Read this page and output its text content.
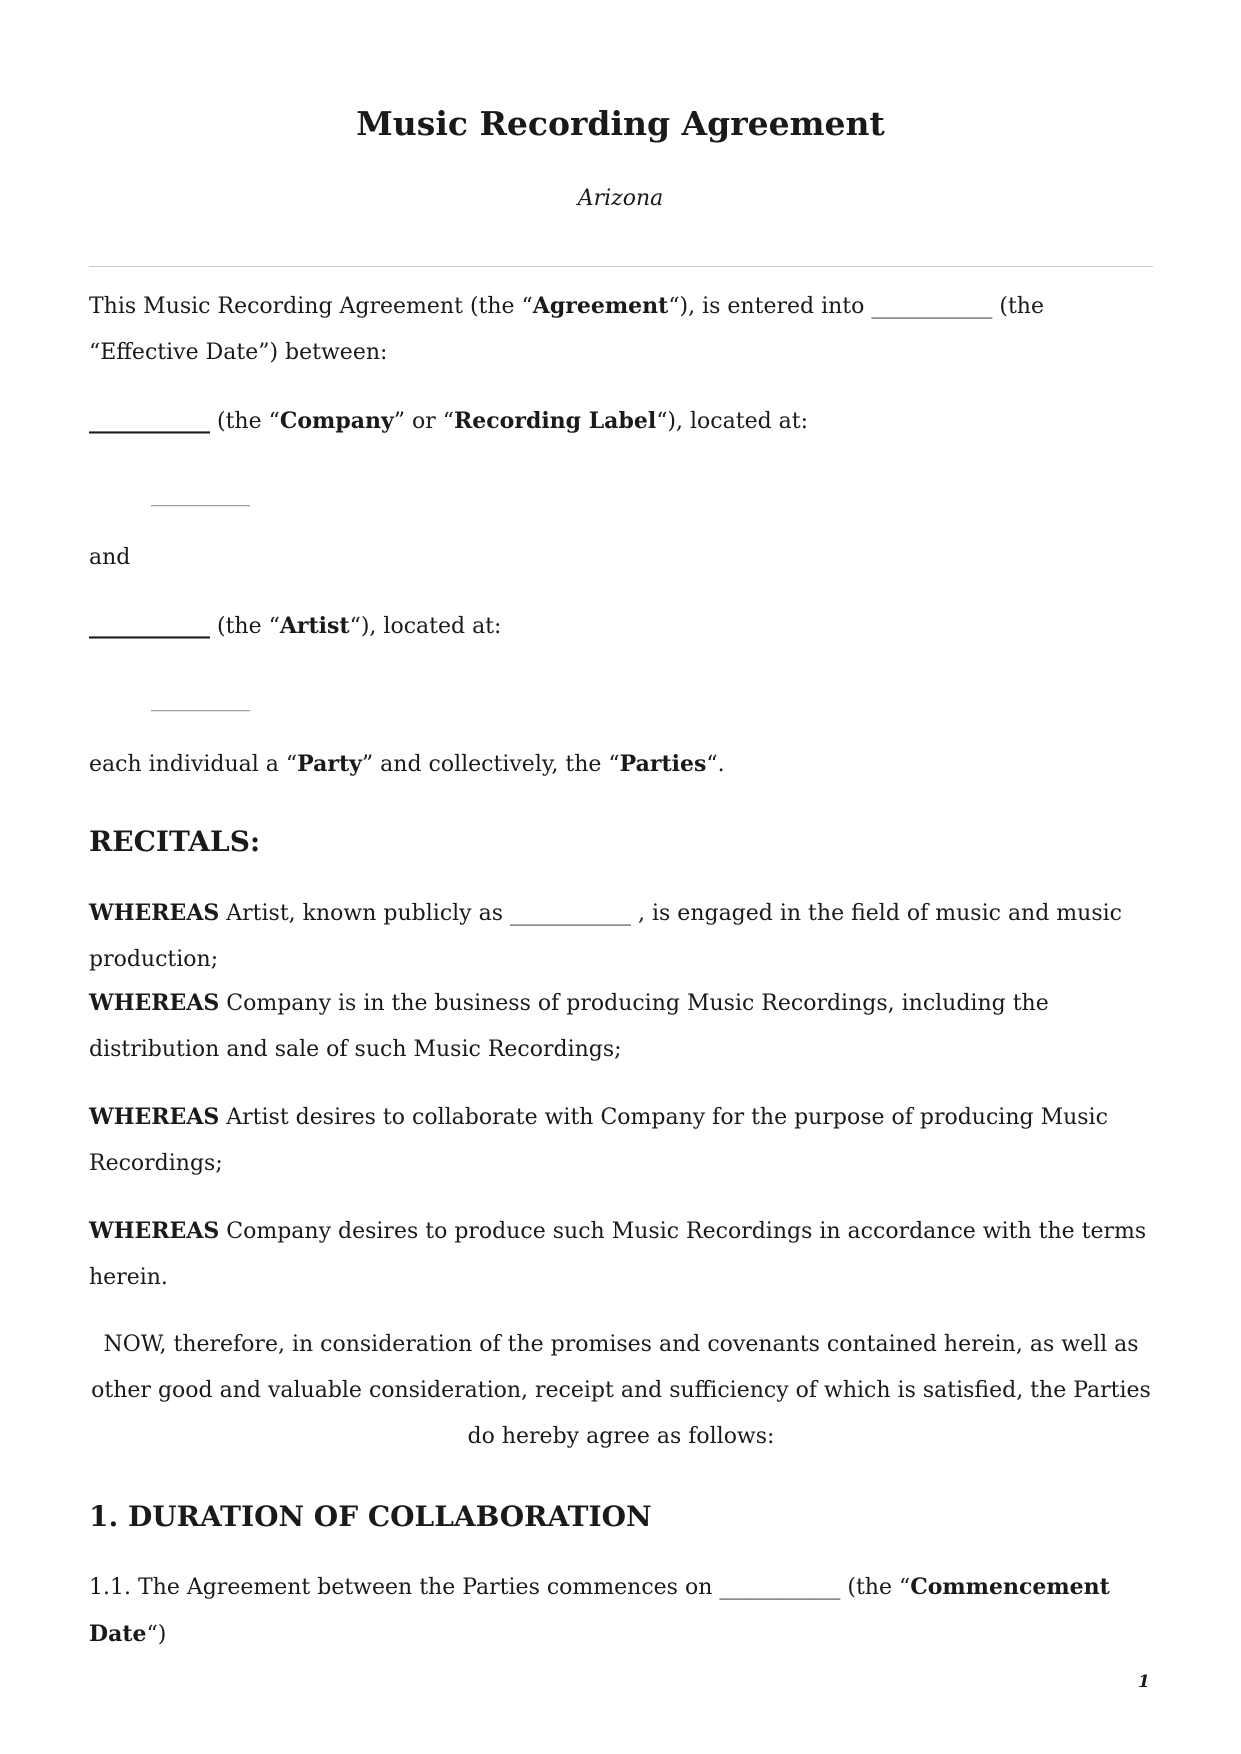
Music Recording Agreement
Arizona

This Music Recording Agreement (the “Agreement“), is entered into ___________ (the “Effective Date”) between:

___________ (the “Company” or “Recording Label“), located at:

___________

and

___________ (the “Artist“), located at:

___________

each individual a “Party” and collectively, the “Parties“.

RECITALS:

WHEREAS Artist, known publicly as ___________ , is engaged in the field of music and music production;

WHEREAS Company is in the business of producing Music Recordings, including the distribution and sale of such Music Recordings;

WHEREAS Artist desires to collaborate with Company for the purpose of producing Music Recordings;

WHEREAS Company desires to produce such Music Recordings in accordance with the terms herein.

NOW, therefore, in consideration of the promises and covenants contained herein, as well as other good and valuable consideration, receipt and sufficiency of which is satisfied, the Parties do hereby agree as follows:

1. DURATION OF COLLABORATION

1.1. The Agreement between the Parties commences on ___________ (the “Commencement Date“)

1
